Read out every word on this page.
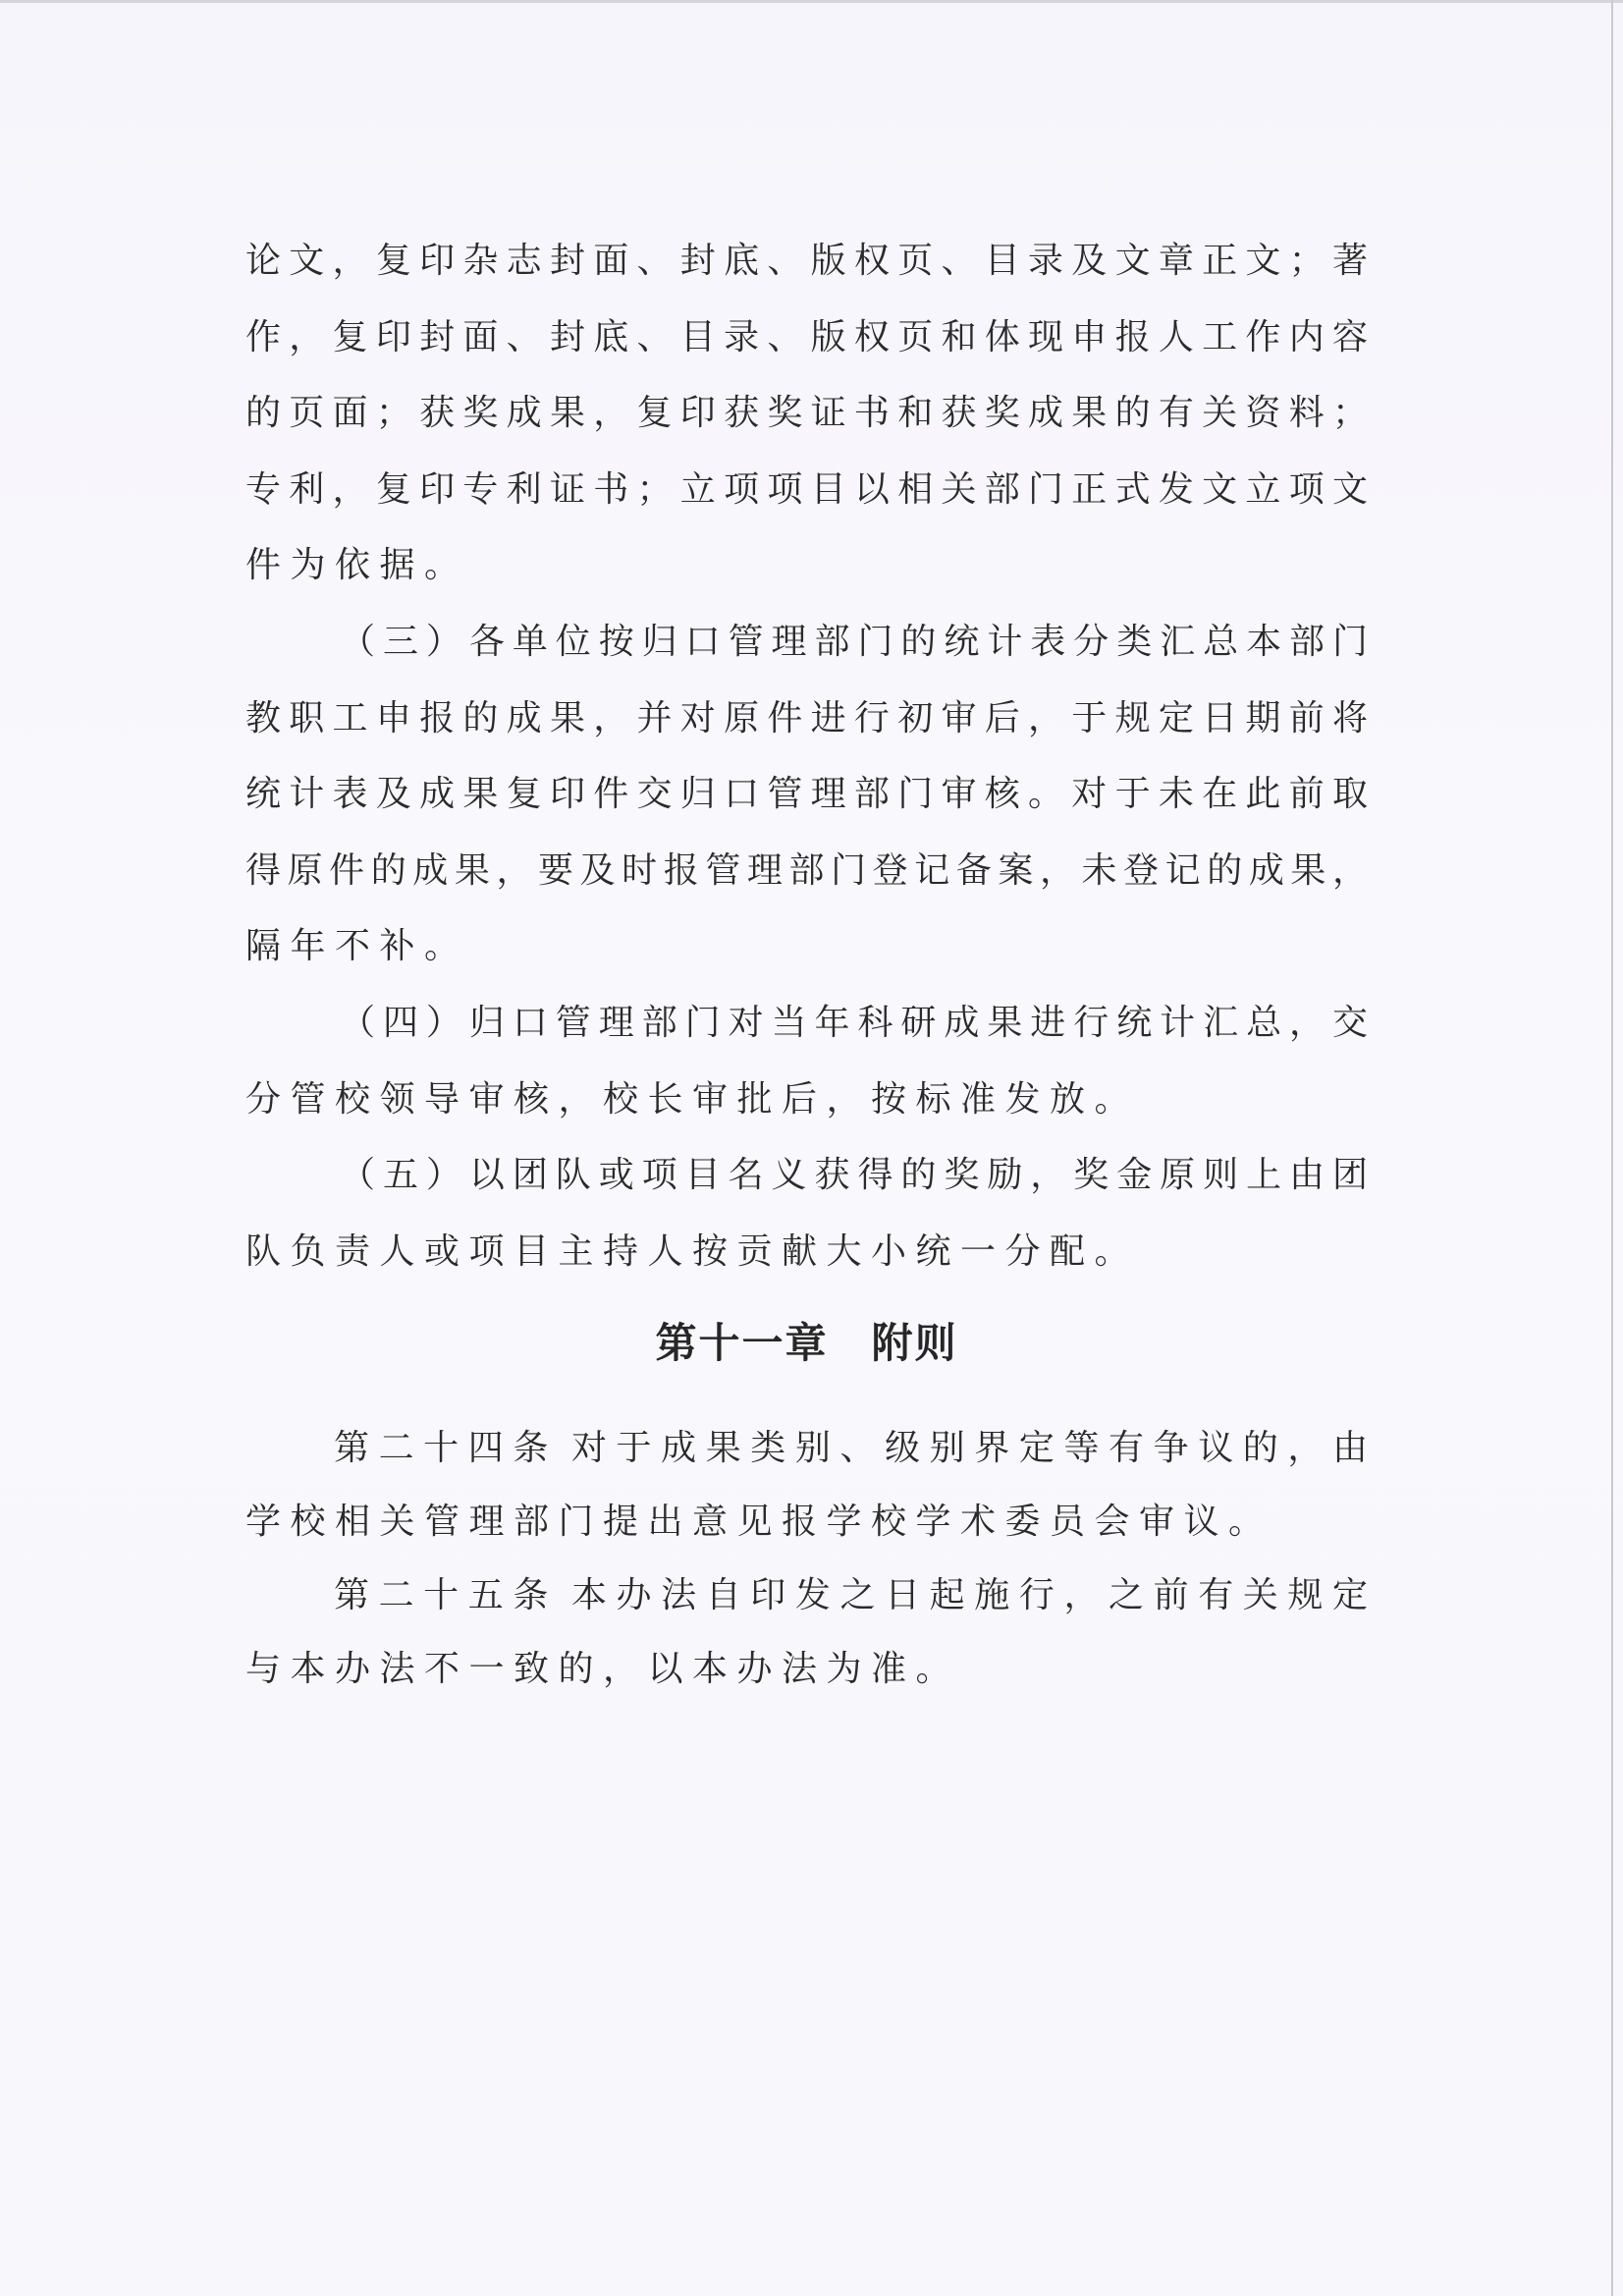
论文，复印杂志封面、封底、版权页、目录及文章正文；著
作，复印封面、封底、目录、版权页和体现申报人工作内容
的页面；获奖成果，复印获奖证书和获奖成果的有关资料；
专利，复印专利证书；立项项目以相关部门正式发文立项文
件为依据。
（三）各单位按归口管理部门的统计表分类汇总本部门
教职工申报的成果，并对原件进行初审后，于规定日期前将
统计表及成果复印件交归口管理部门审核。对于未在此前取
得原件的成果，要及时报管理部门登记备案，未登记的成果，
隔年不补。
（四）归口管理部门对当年科研成果进行统计汇总，交
分管校领导审核，校长审批后，按标准发放。
（五）以团队或项目名义获得的奖励，奖金原则上由团
队负责人或项目主持人按贡献大小统一分配。
第十一章　附则
第二十四条 对于成果类别、级别界定等有争议的，由
学校相关管理部门提出意见报学校学术委员会审议。
第二十五条 本办法自印发之日起施行，之前有关规定
与本办法不一致的，以本办法为准。
